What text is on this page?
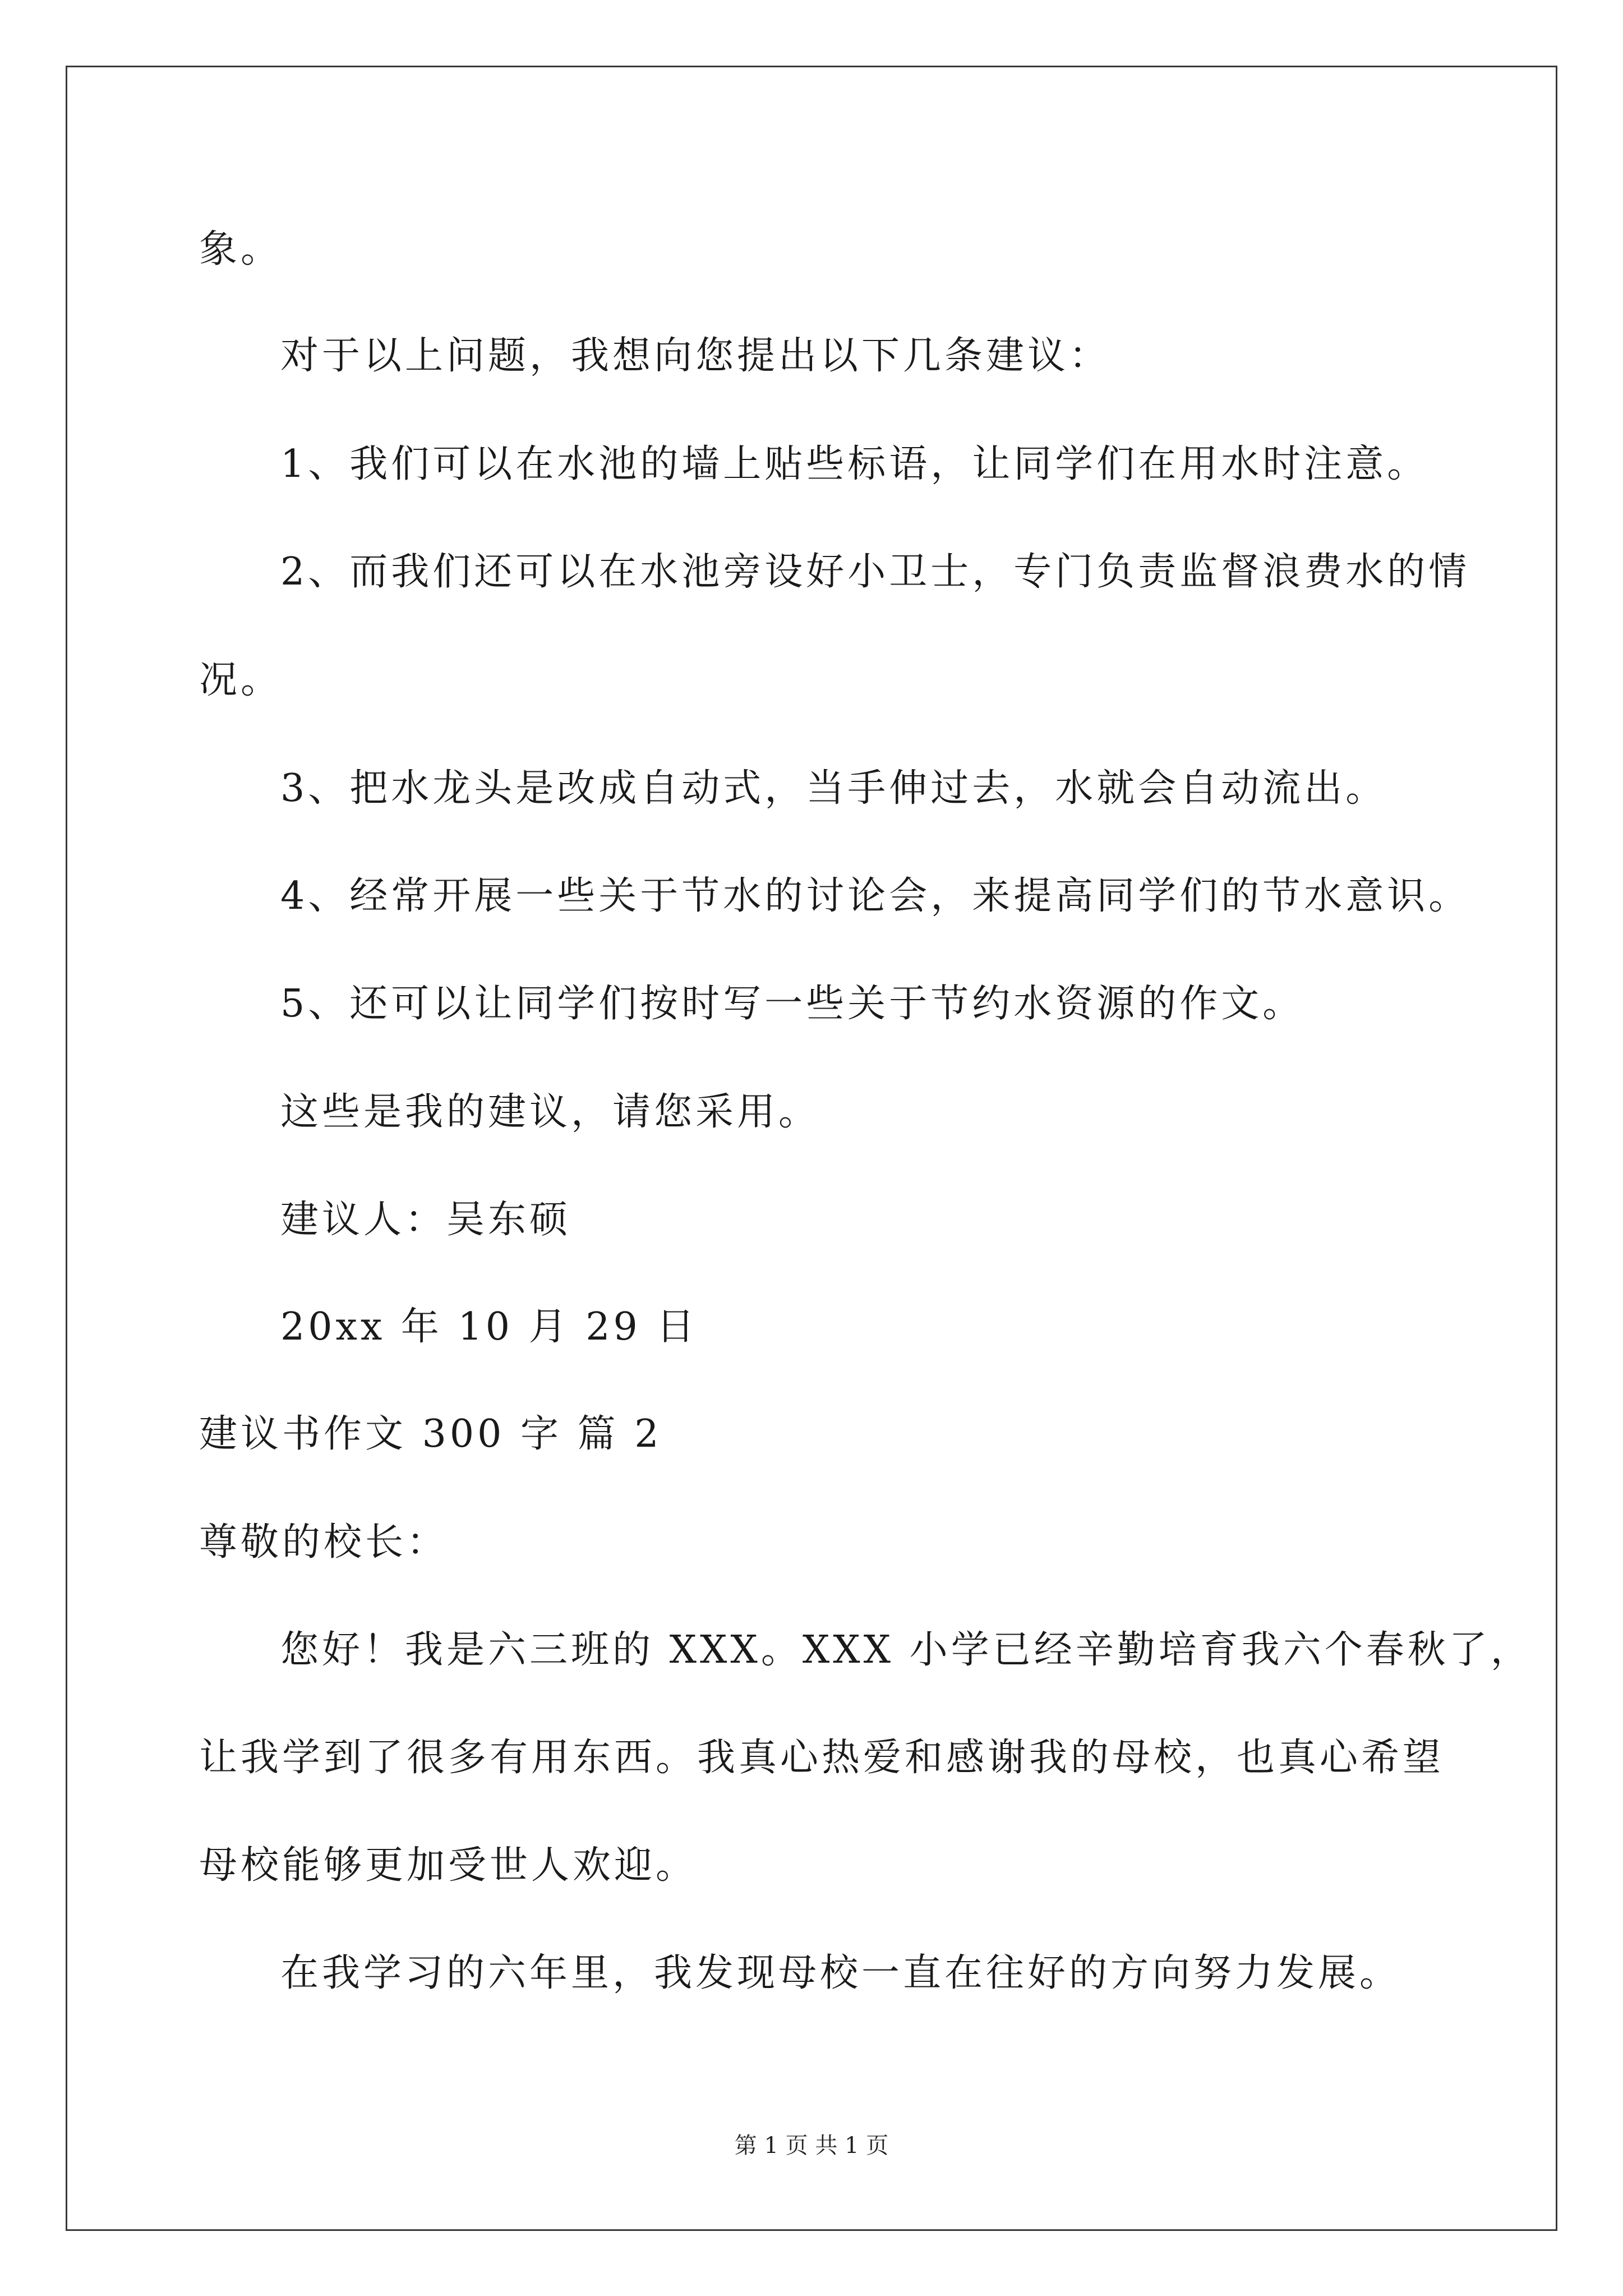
象。
对于以上问题，我想向您提出以下几条建议：
1、我们可以在水池的墙上贴些标语，让同学们在用水时注意。
2、而我们还可以在水池旁设好小卫士，专门负责监督浪费水的情
况。
3、把水龙头是改成自动式，当手伸过去，水就会自动流出。
4、经常开展一些关于节水的讨论会，来提高同学们的节水意识。
5、还可以让同学们按时写一些关于节约水资源的作文。
这些是我的建议，请您采用。
建议人：吴东硕
20xx 年 10 月 29 日
建议书作文 300 字 篇 2
尊敬的校长：
您好！我是六三班的 XXX。XXX 小学已经辛勤培育我六个春秋了，
让我学到了很多有用东西。我真心热爱和感谢我的母校，也真心希望
母校能够更加受世人欢迎。
在我学习的六年里，我发现母校一直在往好的方向努力发展。
第 1 页 共 1 页
